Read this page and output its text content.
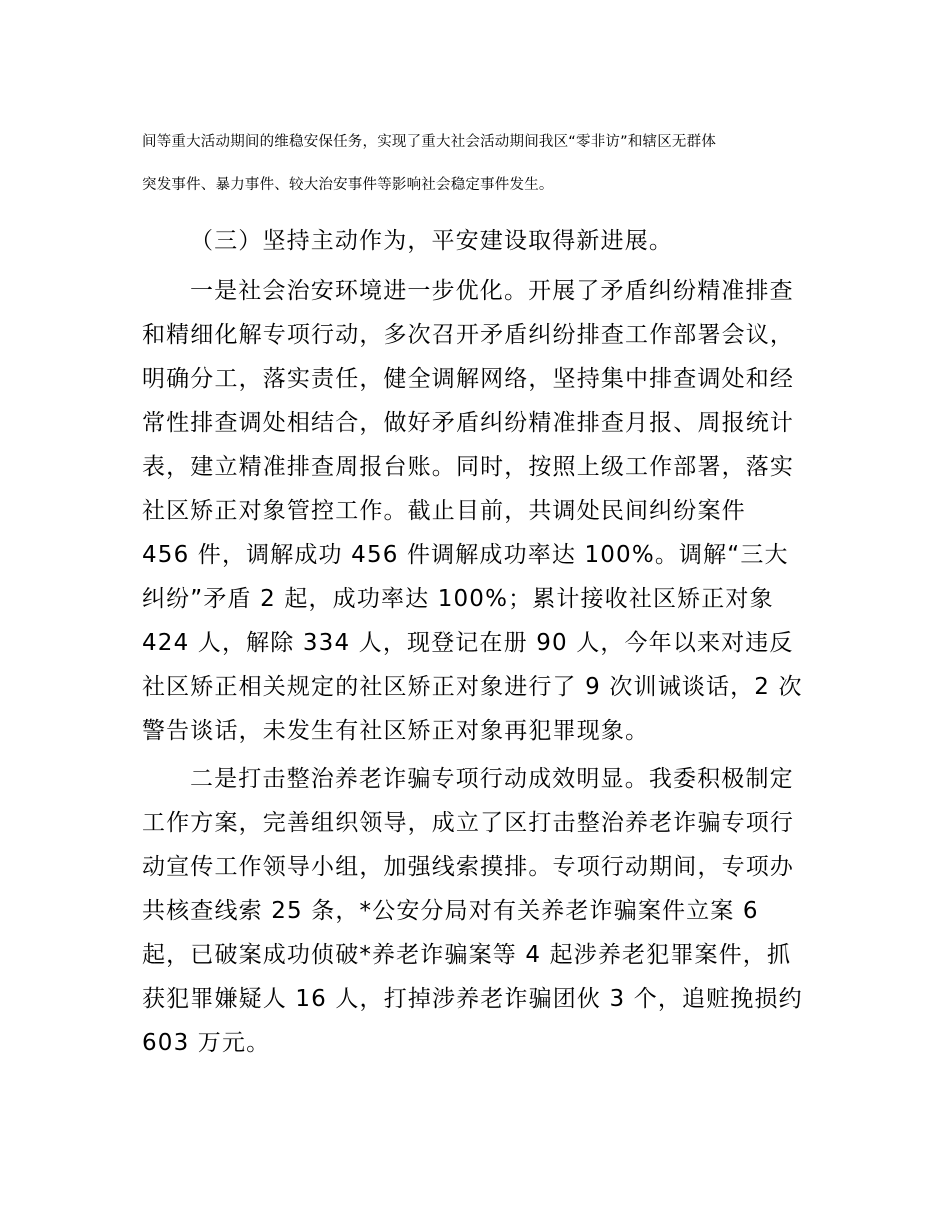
间等重大活动期间的维稳安保任务，实现了重大社会活动期间我区“零非访”和辖区无群体

突发事件、暴力事件、较大治安事件等影响社会稳定事件发生。

（三）坚持主动作为，平安建设取得新进展。

一是社会治安环境进一步优化。开展了矛盾纠纷精准排查

和精细化解专项行动，多次召开矛盾纠纷排查工作部署会议，

明确分工，落实责任，健全调解网络，坚持集中排查调处和经

常性排查调处相结合，做好矛盾纠纷精准排查月报、周报统计

表，建立精准排查周报台账。同时，按照上级工作部署，落实

社区矫正对象管控工作。截止目前，共调处民间纠纷案件

456 件，调解成功 456 件调解成功率达 100%。调解“三大

纠纷”矛盾 2 起，成功率达 100%；累计接收社区矫正对象

424 人，解除 334 人，现登记在册 90 人，今年以来对违反

社区矫正相关规定的社区矫正对象进行了 9 次训诫谈话，2 次

警告谈话，未发生有社区矫正对象再犯罪现象。

二是打击整治养老诈骗专项行动成效明显。我委积极制定

工作方案，完善组织领导，成立了区打击整治养老诈骗专项行

动宣传工作领导小组，加强线索摸排。专项行动期间，专项办

共核查线索 25 条，*公安分局对有关养老诈骗案件立案 6

起，已破案成功侦破*养老诈骗案等 4 起涉养老犯罪案件，抓

获犯罪嫌疑人 16 人，打掉涉养老诈骗团伙 3 个，追赃挽损约

603 万元。
